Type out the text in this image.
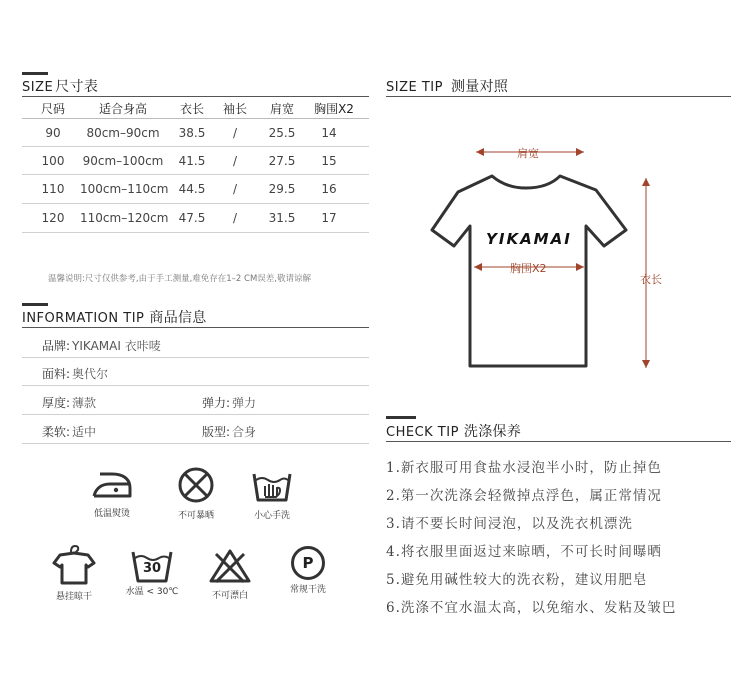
SIZE 尺寸表
尺码	适合身高	衣长	袖长	肩宽	胸围X2
90	80cm–90cm	38.5	/	25.5	14
100	90cm–100cm	41.5	/	27.5	15
110	100cm–110cm 44.5	/	29.5	16
120	110cm–120cm 47.5	/	31.5	17
温馨说明:尺寸仅供参考,由于手工测量,难免存在1–2 CM误差,敬请谅解
INFORMATION TIP 商品信息
品牌: YIKAMAI 衣咔唛
面料: 奥代尔
厚度: 薄款	弹力: 弹力
柔软: 适中	版型: 合身
低温熨烫	不可暴晒	小心手洗
悬挂晾干
30
水温 < 30℃	不可漂白
P
常规干洗
SIZE TIP 测量对照
肩宽
YIKAMAI
胸围X2
衣长
CHECK TIP 洗涤保养
1.新衣服可用食盐水浸泡半小时，防止掉色
2.第一次洗涤会轻微掉点浮色，属正常情况
3.请不要长时间浸泡，以及洗衣机漂洗
4.将衣服里面返过来晾晒，不可长时间曝晒
5.避免用碱性较大的洗衣粉，建议用肥皂
6.洗涤不宜水温太高，以免缩水、发粘及皱巴
